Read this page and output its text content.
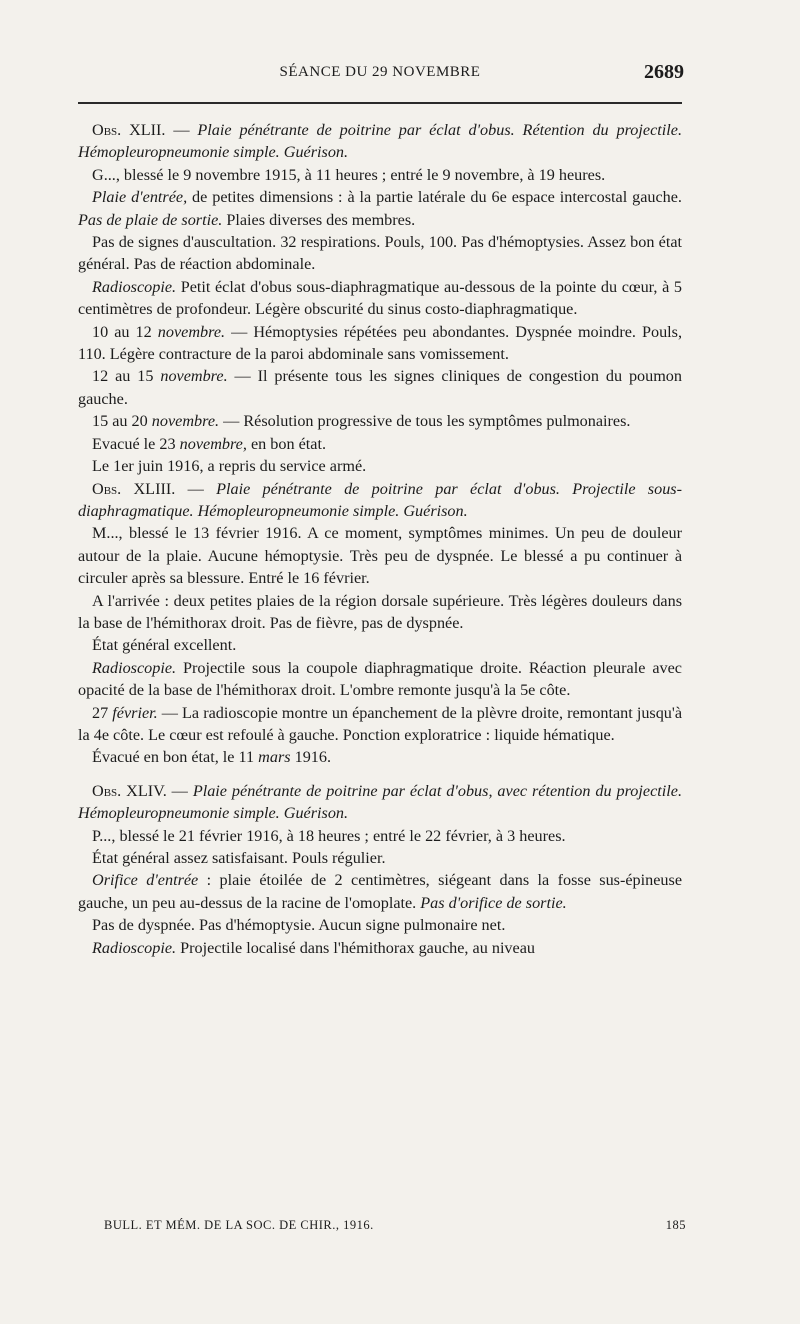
SÉANCE DU 29 NOVEMBRE	2689

Obs. XLII. — Plaie pénétrante de poitrine par éclat d'obus. Rétention du projectile. Hémopleuropneumonie simple. Guérison.

G..., blessé le 9 novembre 1915, à 11 heures ; entré le 9 novembre, à 19 heures.

Plaie d'entrée, de petites dimensions : à la partie latérale du 6e espace intercostal gauche. Pas de plaie de sortie. Plaies diverses des membres.

Pas de signes d'auscultation. 32 respirations. Pouls, 100. Pas d'hémoptysies. Assez bon état général. Pas de réaction abdominale.

Radioscopie. Petit éclat d'obus sous-diaphragmatique au-dessous de la pointe du cœur, à 5 centimètres de profondeur. Légère obscurité du sinus costo-diaphragmatique.

10 au 12 novembre. — Hémoptysies répétées peu abondantes. Dyspnée moindre. Pouls, 110. Légère contracture de la paroi abdominale sans vomissement.

12 au 15 novembre. — Il présente tous les signes cliniques de congestion du poumon gauche.

15 au 20 novembre. — Résolution progressive de tous les symptômes pulmonaires.

Evacué le 23 novembre, en bon état.

Le 1er juin 1916, a repris du service armé.

Obs. XLIII. — Plaie pénétrante de poitrine par éclat d'obus. Projectile sous-diaphragmatique. Hémopleuropneumonie simple. Guérison.

M..., blessé le 13 février 1916. A ce moment, symptômes minimes. Un peu de douleur autour de la plaie. Aucune hémoptysie. Très peu de dyspnée. Le blessé a pu continuer à circuler après sa blessure. Entré le 16 février.

A l'arrivée : deux petites plaies de la région dorsale supérieure. Très légères douleurs dans la base de l'hémithorax droit. Pas de fièvre, pas de dyspnée.

État général excellent.

Radioscopie. Projectile sous la coupole diaphragmatique droite. Réaction pleurale avec opacité de la base de l'hémithorax droit. L'ombre remonte jusqu'à la 5e côte.

27 février. — La radioscopie montre un épanchement de la plèvre droite, remontant jusqu'à la 4e côte. Le cœur est refoulé à gauche. Ponction exploratrice : liquide hématique.

Évacué en bon état, le 11 mars 1916.

Obs. XLIV. — Plaie pénétrante de poitrine par éclat d'obus, avec rétention du projectile. Hémopleuropneumonie simple. Guérison.

P..., blessé le 21 février 1916, à 18 heures ; entré le 22 février, à 3 heures.

État général assez satisfaisant. Pouls régulier.

Orifice d'entrée : plaie étoilée de 2 centimètres, siégeant dans la fosse sus-épineuse gauche, un peu au-dessus de la racine de l'omoplate. Pas d'orifice de sortie.

Pas de dyspnée. Pas d'hémoptysie. Aucun signe pulmonaire net.

Radioscopie. Projectile localisé dans l'hémithorax gauche, au niveau

BULL. ET MÉM. DE LA SOC. DE CHIR., 1916.	185
